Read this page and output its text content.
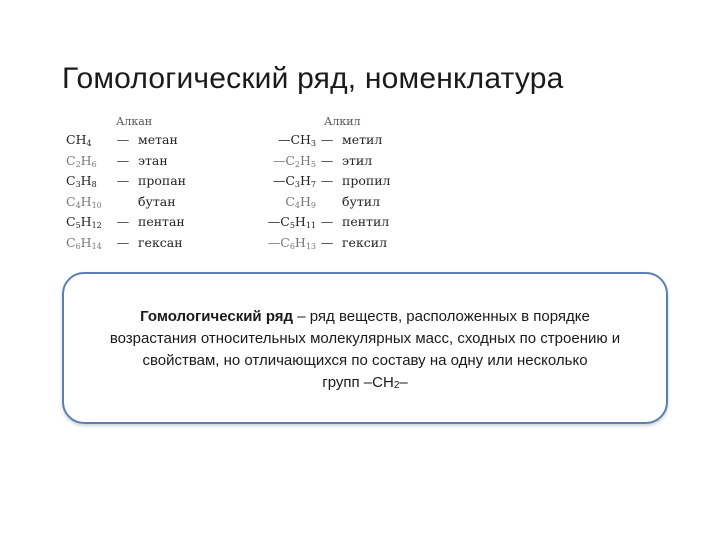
Гомологический ряд, номенклатура
Алкан
$CH_4$ — метан
$C_2H_6$ — этан
$C_3H_8$ — пропан
$C_4H_{10}$	бутан
$C_5H_{12}$ — пентан
$C_6H_{14}$ — гексан
Алкил
$—CH_3$ — метил
$—C_2H_5$ — этил
$—C_3H_7$ — пропил
$C_4H_9$ бутил
$—C_5H_{11}$ — пентил
$—C_6H_{13}$ — гексил
Гомологический ряд – ряд веществ, расположенных в порядке
возрастания относительных молекулярных масс, сходных по строению и
свойствам, но отличающихся по составу на одну или несколько
групп $-CH_2-$
